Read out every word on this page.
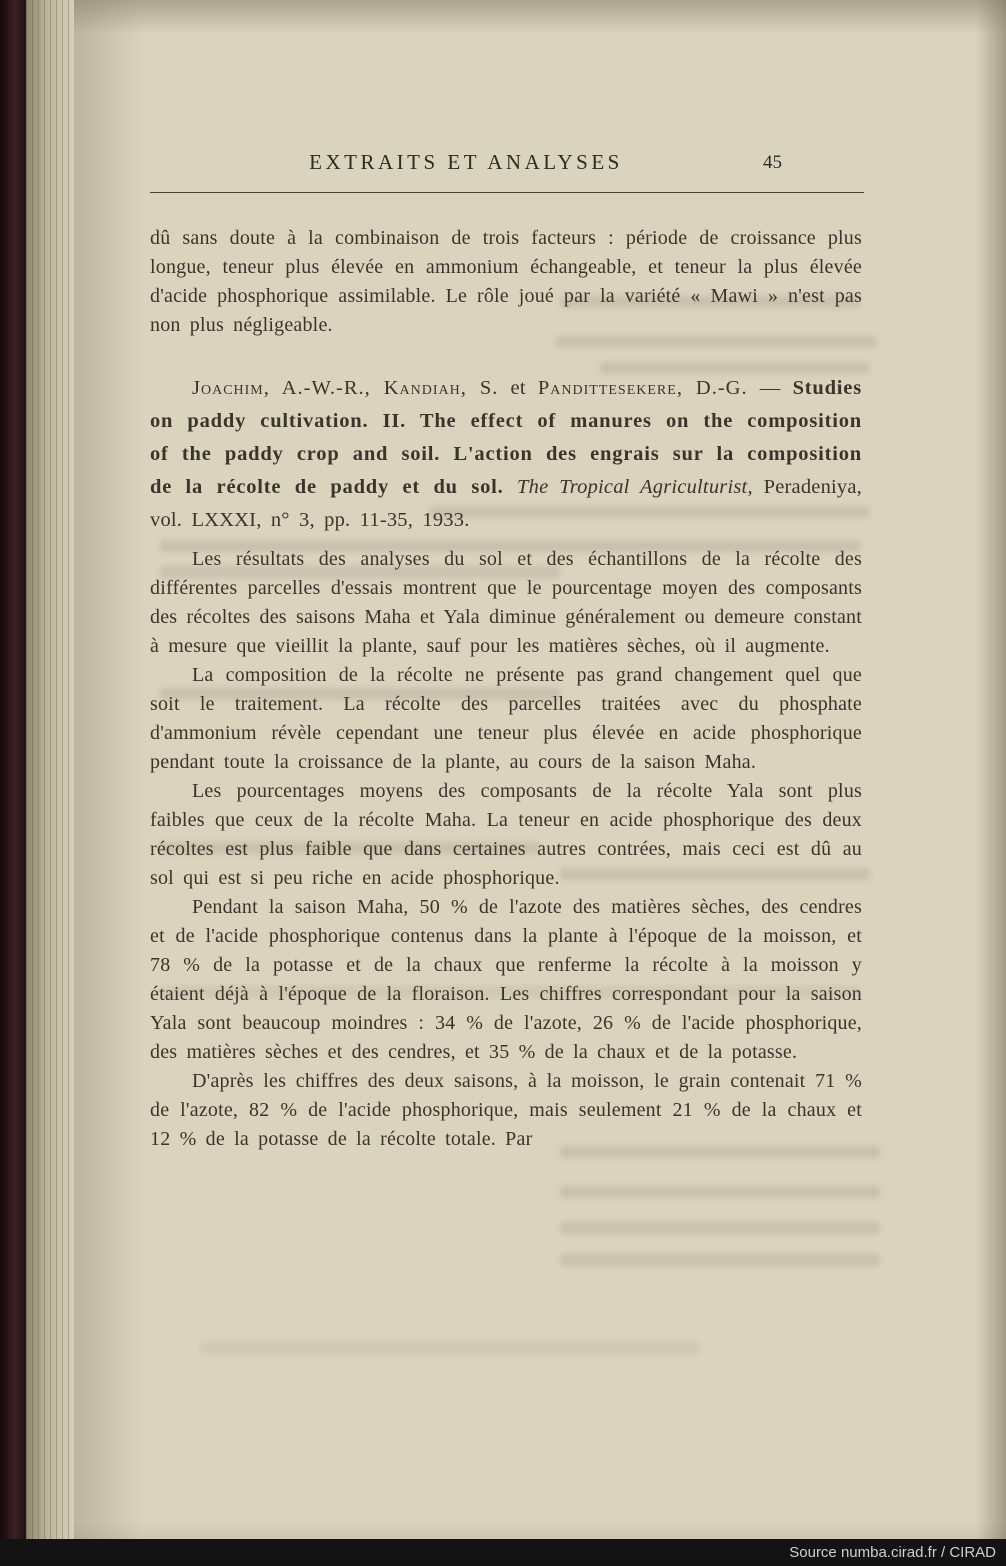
EXTRAITS ET ANALYSES	45

dû sans doute à la combinaison de trois facteurs : période de croissance plus longue, teneur plus élevée en ammonium échangeable, et teneur la plus élevée d'acide phosphorique assimilable. Le rôle joué par la variété « Mawi » n'est pas non plus négligeable.

Joachim, A.-W.-R., Kandiah, S. et Pandittesekere, D.-G. — Studies on paddy cultivation. II. The effect of manures on the composition of the paddy crop and soil. L'action des engrais sur la composition de la récolte de paddy et du sol. The Tropical Agriculturist, Peradeniya, vol. LXXXI, n° 3, pp. 11-35, 1933.

Les résultats des analyses du sol et des échantillons de la récolte des différentes parcelles d'essais montrent que le pourcentage moyen des composants des récoltes des saisons Maha et Yala diminue généralement ou demeure constant à mesure que vieillit la plante, sauf pour les matières sèches, où il augmente.

La composition de la récolte ne présente pas grand changement quel que soit le traitement. La récolte des parcelles traitées avec du phosphate d'ammonium révèle cependant une teneur plus élevée en acide phosphorique pendant toute la croissance de la plante, au cours de la saison Maha.

Les pourcentages moyens des composants de la récolte Yala sont plus faibles que ceux de la récolte Maha. La teneur en acide phosphorique des deux récoltes est plus faible que dans certaines autres contrées, mais ceci est dû au sol qui est si peu riche en acide phosphorique.

Pendant la saison Maha, 50 % de l'azote des matières sèches, des cendres et de l'acide phosphorique contenus dans la plante à l'époque de la moisson, et 78 % de la potasse et de la chaux que renferme la récolte à la moisson y étaient déjà à l'époque de la floraison. Les chiffres correspondant pour la saison Yala sont beaucoup moindres : 34 % de l'azote, 26 % de l'acide phosphorique, des matières sèches et des cendres, et 35 % de la chaux et de la potasse.

D'après les chiffres des deux saisons, à la moisson, le grain contenait 71 % de l'azote, 82 % de l'acide phosphorique, mais seulement 21 % de la chaux et 12 % de la potasse de la récolte totale. Par

Source numba.cirad.fr / CIRAD
